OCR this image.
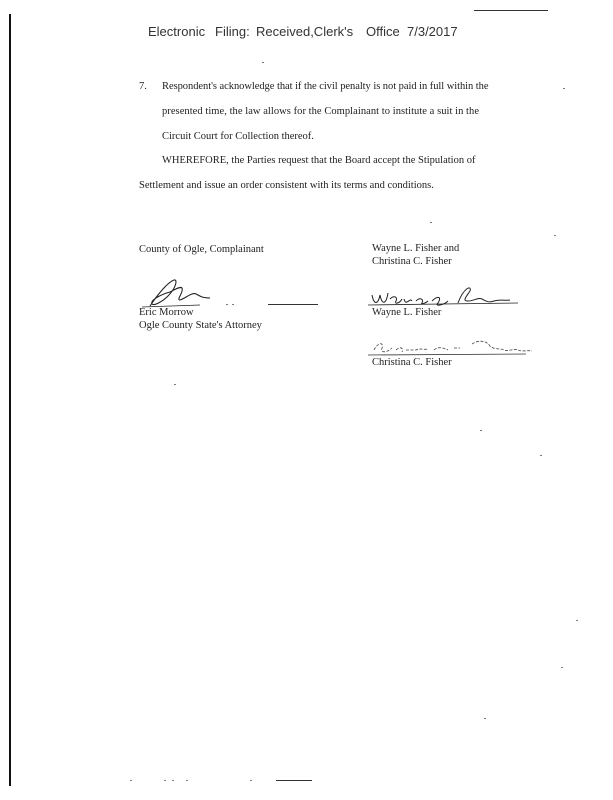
Electronic Filing: Received,Clerk's Office 7/3/2017
7. Respondent's acknowledge that if the civil penalty is not paid in full within the
presented time, the law allows for the Complainant to institute a suit in the
Circuit Court for Collection thereof.
WHEREFORE, the Parties request that the Board accept the Stipulation of
Settlement and issue an order consistent with its terms and conditions.
County of Ogle, Complainant
Eric Morrow
Ogle County State's Attorney
Wayne L. Fisher and
Christina C. Fisher
Wayne L. Fisher
Christina C. Fisher
